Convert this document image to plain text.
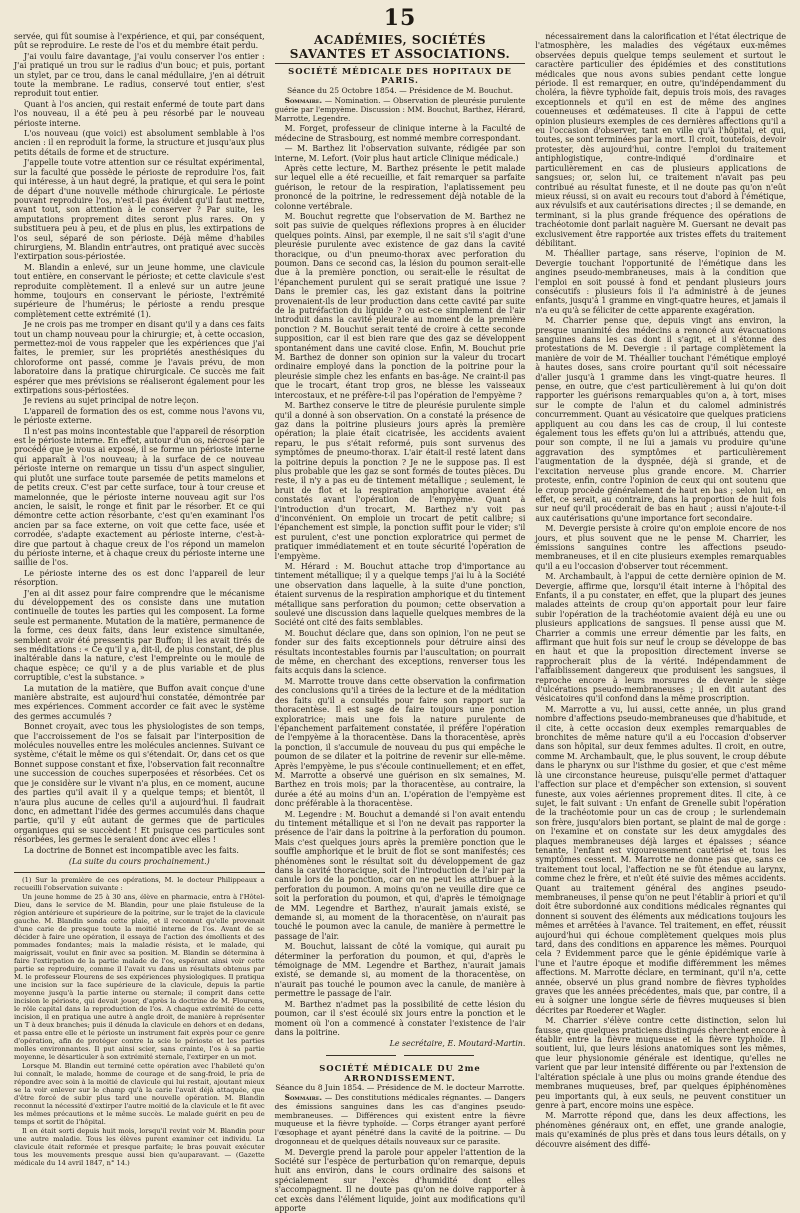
15

servée, qui fût soumise à l'expérience, et qui, par conséquent, pût se reproduire. Le reste de l'os et du membre était perdu.

J'ai voulu faire davantage, j'ai voulu conserver l'os entier : J'ai pratiqué un trou sur le radius d'un bouc; et puis, portant un stylet, par ce trou, dans le canal médullaire, j'en ai détruit toute la membrane. Le radius, conservé tout entier, s'est reproduit tout entier.

Quant à l'os ancien, qui restait enfermé de toute part dans l'os nouveau, il a été peu à peu résorbé par le nouveau périoste interne.

L'os nouveau (que voici) est absolument semblable à l'os ancien : il en reproduit la forme, la structure et jusqu'aux plus petits détails de forme et de structure.

J'appelle toute votre attention sur ce résultat expérimental, sur la faculté que possède le périoste de reproduire l'os, fait qui intéresse, à un haut degré, la pratique, et qui sera le point de départ d'une nouvelle méthode chirurgicale. Le périoste pouvant reproduire l'os, n'est-il pas évident qu'il faut mettre, avant tout, son attention à le conserver ? Par suite, les amputations proprement dites seront plus rares. On y substituera peu à peu, et de plus en plus, les extirpations de l'os seul, séparé de son périoste. Déjà même d'habiles chirurgiens, M. Blandin entr'autres, ont pratiqué avec succès l'extirpation sous-périostée.

M. Blandin a enlevé, sur un jeune homme, une clavicule tout entière, en conservant le périoste; et cette clavicule s'est reproduite complètement. Il a enlevé sur un autre jeune homme, toujours en conservant le périoste, l'extrémité supérieure de l'humérus; le périoste a rendu presque complètement cette extrémité (1).

Je ne crois pas me tromper en disant qu'il y a dans ces faits tout un champ nouveau pour la chirurgie; et, à cette occasion, permettez-moi de vous rappeler que les expériences que j'ai faites, le premier, sur les propriétés anesthésiques du chloroforme ont passé, comme je l'avais prévu, de mon laboratoire dans la pratique chirurgicale. Ce succès me fait espérer que mes prévisions se réaliseront également pour les extirpations sous-périostées.

Je reviens au sujet principal de notre leçon.

L'appareil de formation des os est, comme nous l'avons vu, le périoste externe.

Il n'est pas moins incontestable que l'appareil de résorption est le périoste interne. En effet, autour d'un os, nécrosé par le procédé que je vous ai exposé, il se forme un périoste interne qui apparaît à l'os nouveau; à la surface de ce nouveau périoste interne on remarque un tissu d'un aspect singulier, qui plutôt une surface toute parsemée de petits mamelons et de petits creux. C'est par cette surface, tour à tour creuse et mamelonnée, que le périoste interne nouveau agit sur l'os ancien, le saisit, le ronge et finit par le résorber. Et ce qui démontre cette action résorbante, c'est qu'en examinant l'os ancien par sa face externe, on voit que cette face, usée et corrodée, s'adapte exactement au périoste interne, c'est-à-dire que partout à chaque creux de l'os répond un mamelon du périoste interne, et à chaque creux du périoste interne une saillie de l'os.

Le périoste interne des os est donc l'appareil de leur résorption.

J'en ai dit assez pour faire comprendre que le mécanisme du développement des os consiste dans une mutation continuelle de toutes les parties qui les composent. La forme seule est permanente. Mutation de la matière, permanence de la forme, ces deux faits, dans leur existence simultanée, semblent avoir été pressentis par Buffon; il les avait tirés de ses méditations : « Ce qu'il y a, dit-il, de plus constant, de plus inaltérable dans la nature, c'est l'empreinte ou le moule de chaque espèce; ce qu'il y a de plus variable et de plus corruptible, c'est la substance. »

La mutation de la matière, que Buffon avait conçue d'une manière abstraite, est aujourd'hui constatée, démontrée par mes expériences. Comment accorder ce fait avec le système des germes accumulés ?

Bonnet croyait, avec tous les physiologistes de son temps, que l'accroissement de l'os se faisait par l'interposition de molécules nouvelles entre les molécules anciennes. Suivant ce système, c'était le même os qui s'étendait. Or, dans cet os que Bonnet suppose constant et fixe, l'observation fait reconnaître une succession de couches superposées et résorbées. Cet os que je considère sur le vivant n'a plus, en ce moment, aucune des parties qu'il avait il y a quelque temps; et bientôt, il n'aura plus aucune de celles qu'il a aujourd'hui. Il faudrait donc, en admettant l'idée des germes accumulés dans chaque partie, qu'il y eût autant de germes que de particules organiques qui se succèdent ! Et puisque ces particules sont résorbées, les germes le seraient donc avec elles !

La doctrine de Bonnet est incompatible avec les faits.

(La suite du cours prochainement.)

(1) Sur la première de ces opérations, M. le docteur Philippeaux a recueilli l'observation suivante :

Un jeune homme de 25 à 30 ans, élève en pharmacie, entra à l'Hôtel-Dieu, dans le service de M. Blandin, pour une plaie fistuleuse de la région antérieure et supérieure de la poitrine, sur le trajet de la clavicule gauche. M. Blandin sonda cette plaie, et il reconnut qu'elle provenait d'une carie de presque toute la moitié interne de l'os. Avant de se décider à faire une opération, il essaya de l'action des émollients et des pommades fondantes; mais la maladie résista, et le malade, qui maigrissait, voulut en finir avec sa position. M. Blandin se détermina à faire l'extirpation de la partie malade de l'os, espérant ainsi voir cette partie se reproduire, comme il l'avait vu dans un résultats obtenus par M. le professeur Flourens de ses expériences physiologiques. Il pratiqua une incision sur la face supérieure de la clavicule, depuis la partie moyenne jusqu'à la partie interne ou sternale; il comprit dans cette incision le périoste, qui devait jouer, d'après la doctrine de M. Flourens, le rôle capital dans la reproduction de l'os. A chaque extrémité de cette incision, il en pratiqua une autre à angle droit, de manière à représenter un T à deux branches; puis il dénuda la clavicule en dehors et en dedans, et passa entre elle et le périoste un instrument fait exprès pour ce genre d'opération, afin de protéger contre la scie le périoste et les parties molles environnantes. Il put ainsi scier, sans crainte, l'os à sa partie moyenne, le désarticuler à son extrémité sternale, l'extirper en un mot.

Lorsque M. Blandin eut terminé cette opération avec l'habileté qu'on lui connaît, le malade, homme de courage et de sang-froid, le pria de répondre avec soin à la moitié de clavicule qui lui restait, ajoutant mieux se la voir enlever sur le champ qu'à la carie l'avait déjà attaquée, que d'être forcé de subir plus tard une nouvelle opération. M. Blandin reconnut la nécessité d'extirper l'autre moitié de la clavicule et le fit avec les mêmes précautions et le même succès. Le malade guérit en peu de temps et sortit de l'hôpital.

Il en était sorti depuis huit mois, lorsqu'il revint voir M. Blandin pour une autre maladie. Tous les élèves purent examiner cet individu. La clavicule était reformée et presque parfaite; le bras pouvait exécuter tous les mouvements presque aussi bien qu'auparavant. — (Gazette médicale du 14 avril 1847, n° 14.)

ACADÉMIES, SOCIÉTÉS SAVANTES ET ASSOCIATIONS.
SOCIÉTÉ MÉDICALE DES HOPITAUX DE PARIS.
Séance du 25 Octobre 1854. — Présidence de M. Bouchut.

Sommaire. — Nomination. — Observation de pleurésie purulente guérie par l'empyème. Discussion : MM. Bouchut, Barthez, Hérard, Marrotte, Legendre.

M. Forget, professeur de clinique interne à la Faculté de médecine de Strasbourg, est nommé membre correspondant.

— M. Barthez lit l'observation suivante, rédigée par son interne, M. Lefort. (Voir plus haut article Clinique médicale.)

Après cette lecture, M. Barthez présente le petit malade sur lequel elle a été recueillie, et fait remarquer sa parfaite guérison, le retour de la respiration, l'aplatissement peu prononcé de la poitrine, le redressement déjà notable de la colonne vertébrale.

M. Bouchut regrette que l'observation de M. Barthez ne soit pas suivie de quelques réflexions propres à en élucider quelques points. Ainsi, par exemple, il ne sait s'il s'agit d'une pleurésie purulente avec existence de gaz dans la cavité thoracique, ou d'un pneumo-thorax avec perforation du poumon. Dans ce second cas, la lésion du poumon serait-elle due à la première ponction, ou serait-elle le résultat de l'épanchement purulent qui se serait pratiqué une issue ? Dans le premier cas, les gaz existant dans la poitrine provenaient-ils de leur production dans cette cavité par suite de la putréfaction du liquide ? ou est-ce simplement de l'air introduit dans la cavité pleurale au moment de la première ponction ? M. Bouchut serait tenté de croire à cette seconde supposition, car il est bien rare que des gaz se développent spontanément dans une cavité close. Enfin, M. Bouchut prie M. Barthez de donner son opinion sur la valeur du trocart ordinaire employé dans la ponction de la poitrine pour la pleurésie simple chez les enfants en bas-âge. Ne craint-il pas que le trocart, étant trop gros, ne blesse les vaisseaux intercostaux, et ne préfère-t-il pas l'opération de l'empyème ?

M. Barthez conserve le titre de pleurésie purulente simple qu'il a donné à son observation. On a constaté la présence de gaz dans la poitrine plusieurs jours après la première opération; la plaie était cicatrisée, les accidents avaient reparu, le pus s'était reformé, puis sont survenus des symptômes de pneumo-thorax. L'air était-il resté latent dans la poitrine depuis la ponction ? Je ne le suppose pas. Il est plus probable que les gaz se sont formés de toutes pièces. Du reste, il n'y a pas eu de tintement métallique ; seulement, le bruit de flot et la respiration amphorique avaient été constatés avant l'opération de l'empyème. Quant à l'introduction d'un trocart, M. Barthez n'y voit pas d'inconvénient. On emploie un trocart de petit calibre; si l'épanchement est simple, la ponction suffit pour le vider; s'il est purulent, c'est une ponction exploratrice qui permet de pratiquer immédiatement et en toute sécurité l'opération de l'empyème.

M. Hérard : M. Bouchut attache trop d'importance au tintement métallique; il y a quelque temps j'ai lu à la Société une observation dans laquelle, à la suite d'une ponction, étaient survenus de la respiration amphorique et du tintement métallique sans perforation du poumon; cette observation a soulevé une discussion dans laquelle quelques membres de la Société ont cité des faits semblables.

M. Bouchut déclare que, dans son opinion, l'on ne peut se fonder sur des faits exceptionnels pour détruire ainsi des résultats incontestables fournis par l'auscultation; on pourrait de même, en cherchant des exceptions, renverser tous les faits acquis dans la science.

M. Marrotte trouve dans cette observation la confirmation des conclusions qu'il a tirées de la lecture et de la méditation des faits qu'il a consultés pour faire son rapport sur la thoracentèse. Il est sage de faire toujours une ponction exploratrice; mais une fois la nature purulente de l'épanchement parfaitement constatée, il préfère l'opération de l'empyème à la thoracentèse. Dans la thoracentèse, après la ponction, il s'accumule de nouveau du pus qui empêche le poumon de se dilater et la poitrine de revenir sur elle-même. Après l'empyème, le pus s'écoule continuellement; et en effet, M. Marrotte a observé une guérison en six semaines, M. Barthez en trois mois; par la thoracentèse, au contraire, la durée a été au moins d'un an. L'opération de l'empyème est donc préférable à la thoracentèse.

M. Legendre : M. Bouchut a demandé si l'on avait entendu du tintement métallique et si l'on ne devait pas rapporter la présence de l'air dans la poitrine à la perforation du poumon. Mais c'est quelques jours après la première ponction que le souffle amphorique et le bruit de flot se sont manifestés; ces phénomènes sont le résultat soit du développement de gaz dans la cavité thoracique, soit de l'introduction de l'air par la canule lors de la ponction, car on ne peut les attribuer à la perforation du poumon. A moins qu'on ne veuille dire que ce soit la perforation du poumon, et qui, d'après le témoignage de MM. Legendre et Barthez, n'aurait jamais existé, se demande si, au moment de la thoracentèse, on n'aurait pas touché le poumon avec la canule, de manière à permettre le passage de l'air.

M. Bouchut, laissant de côté la vomique, qui aurait pu déterminer la perforation du poumon, et qui, d'après le témoignage de MM. Legendre et Barthez, n'aurait jamais existé, se demande si, au moment de la thoracentèse, on n'aurait pas touché le poumon avec la canule, de manière à permettre le passage de l'air.

M. Barthez n'admet pas la possibilité de cette lésion du poumon, car il s'est écoulé six jours entre la ponction et le moment où l'on a commencé à constater l'existence de l'air dans la poitrine.

Le secrétaire, E. Moutard-Martin.
SOCIÉTÉ MÉDICALE DU 2me ARRONDISSEMENT.
Séance du 8 Juin 1854. — Présidence de M. le docteur Marrotte.

Sommaire. — Des constitutions médicales régnantes. — Dangers des émissions sanguines dans les cas d'angines pseudo-membraneuses. — Différences qui existent entre la fièvre muqueuse et la fièvre typhoïde. — Corps étranger ayant perforé l'œsophage et ayant pénétré dans la cavité de la poitrine. — Du drogonneau et de quelques détails nouveaux sur ce parasite.

M. Devergie prend la parole pour appeler l'attention de la Société sur l'espèce de perturbation qu'on remarque, depuis huit ans environ, dans le cours ordinaire des saisons et spécialement sur l'excès d'humidité dont elles s'accompagnent. Il ne doute pas qu'on ne doive rapporter à cet excès dans l'élément liquide, joint aux modifications qu'il apporte

nécessairement dans la calorification et l'état électrique de l'atmosphère, les maladies des végétaux eux-mêmes observées depuis quelque temps seulement et surtout le caractère particulier des épidémies et des constitutions médicales que nous avons subies pendant cette longue période. Il est remarquer, en outre, qu'indépendamment du choléra, la fièvre typhoïde fait, depuis trois mois, des ravages exceptionnels et qu'il en est de même des angines couenneuses et œdémateuses. Il cite à l'appui de cette opinion plusieurs exemples de ces dernières affections qu'il a eu l'occasion d'observer, tant en ville qu'à l'hôpital, et qui, toutes, se sont terminées par la mort. Il croit, toutefois, devoir protester, dès aujourd'hui, contre l'emploi du traitement antiphlogistique, contre-indiqué d'ordinaire et particulièrement en cas de plusieurs applications de sangsues; or, selon lui, ce traitement n'avait pas peu contribué au résultat funeste, et il ne doute pas qu'on n'eût mieux réussi, si on avait eu recours tout d'abord à l'émétique, aux révulsifs et aux cautérisations directes ; il se demande, en terminant, si la plus grande fréquence des opérations de trachéotomie dont parlait naguère M. Guersant ne devait pas exclusivement être rapportée aux tristes effets du traitement débilitant.

M. Théallier partage, sans réserve, l'opinion de M. Devergie touchant l'opportunité de l'émétique dans les angines pseudo-membraneuses, mais à la condition que l'emploi en soit poussé à fond et pendant plusieurs jours consécutifs : plusieurs fois il l'a administré à de jeunes enfants, jusqu'à 1 gramme en vingt-quatre heures, et jamais il n'a eu qu'à se féliciter de cette apparente exagération.

M. Charrier pense que, depuis vingt ans environ, la presque unanimité des médecins a renoncé aux évacuations sanguines dans les cas dont il s'agit, et il s'étonne des protestations de M. Devergie : il partage complètement la manière de voir de M. Théallier touchant l'émétique employé à hautes doses, sans croire pourtant qu'il soit nécessaire d'aller jusqu'à 1 gramme dans les vingt-quatre heures. Il pense, en outre, que c'est particulièrement à lui qu'on doit rapporter les guérisons remarquables qu'on a, à tort, mises sur le compte de l'alun et du calomel administrés concurremment. Quant au vésicatoire que quelques praticiens appliquent au cou dans les cas de croup, il lui conteste également tous les effets qu'on lui a attribués, attendu que, pour son compte, il ne lui a jamais vu produire qu'une aggravation des symptômes et particulièrement l'augmentation de la dyspnée, déjà si grande, et de l'excitation nerveuse plus grande encore. M. Charrier proteste, enfin, contre l'opinion de ceux qui ont soutenu que le croup procède généralement de haut en bas ; selon lui, en effet, ce serait, au contraire, dans la proportion de huit fois sur neuf qu'il procéderait de bas en haut ; aussi n'ajoute-t-il aux cautérisations qu'une importance fort secondaire.

M. Devergie persiste à croire qu'on emploie encore de nos jours, et plus souvent que ne le pense M. Charrier, les émissions sanguines contre les affections pseudo-membraneuses, et il en cite plusieurs exemples remarquables qu'il a eu l'occasion d'observer tout récemment.

M. Archambault, à l'appui de cette dernière opinion de M. Devergie, affirme que, lorsqu'il était interne à l'hôpital des Enfants, il a pu constater, en effet, que la plupart des jeunes malades atteints de croup qu'on apportait pour leur faire subir l'opération de la trachéotomie avaient déjà eu une ou plusieurs applications de sangsues. Il pense aussi que M. Charrier a commis une erreur démentie par les faits, en affirmant que huit fois sur neuf le croup se développe de bas en haut et que la proposition directement inverse se rapprocherait plus de la vérité. Indépendamment de l'affaiblissement dangereux que produisent les sangsues, il reproche encore à leurs morsures de devenir le siège d'ulcérations pseudo-membraneuses ; il en dit autant des vésicatoires qu'il confond dans la même proscription.

M. Marrotte a vu, lui aussi, cette année, un plus grand nombre d'affections pseudo-membraneuses que d'habitude, et il cite, à cette occasion deux exemples remarquables de bronchites de même nature qu'il a eu l'occasion d'observer dans son hôpital, sur deux femmes adultes. Il croit, en outre, comme M. Archambault, que, le plus souvent, le croup débute dans le pharynx ou sur l'isthme du gosier, et que c'est même là une circonstance heureuse, puisqu'elle permet d'attaquer l'affection sur place et d'empêcher son extension, si souvent funeste, aux voies aériennes proprement dites. Il cite, à ce sujet, le fait suivant : Un enfant de Grenelle subit l'opération de la trachéotomie pour un cas de croup ; le surlendemain son frère, jusqu'alors bien portant, se plaint de mal de gorge : on l'examine et on constate sur les deux amygdales des plaques membraneuses déjà larges et épaisses ; séance tenante, l'enfant est vigoureusement cautérisé et tous les symptômes cessent. M. Marrotte ne donne pas que, sans ce traitement tout local, l'affection ne se fût étendue au larynx, comme chez le frère, et n'eût été suivie des mêmes accidents. Quant au traitement général des angines pseudo-membraneuses, il pense qu'on ne peut l'établir à priori et qu'il doit être subordonné aux conditions médicales régnantes qui donnent si souvent des éléments aux médications toujours les mêmes et arrêtées à l'avance. Tel traitement, en effet, réussit aujourd'hui qui échoue complètement quelques mois plus tard, dans des conditions en apparence les mêmes. Pourquoi cela ? Évidemment parce que le génie épidémique varie à l'une et l'autre époque et modifie différemment les mêmes affections. M. Marrotte déclare, en terminant, qu'il n'a, cette année, observé un plus grand nombre de fièvres typhoïdes graves que les années précédentes, mais que, par contre, il a eu à soigner une longue série de fièvres muqueuses si bien décrites par Roederer et Wagler.

M. Charrier s'élève contre cette distinction, selon lui fausse, que quelques praticiens distingués cherchent encore à établir entre la fièvre muqueuse et la fièvre typhoïde. Il soutient, lui, que leurs lésions anatomiques sont les mêmes, que leur physionomie générale est identique, qu'elles ne varient que par leur intensité différente ou par l'extension de l'altération spéciale à une plus ou moins grande étendue des membranes muqueuses, bref, par quelques épiphénomènes peu importants qui, à eux seuls, ne peuvent constituer un genre à part, encore moins une espèce.

M. Marrotte répond que, dans les deux affections, les phénomènes généraux ont, en effet, une grande analogie, mais qu'examinés de plus près et dans tous leurs détails, on y découvre aisément des diffé-
